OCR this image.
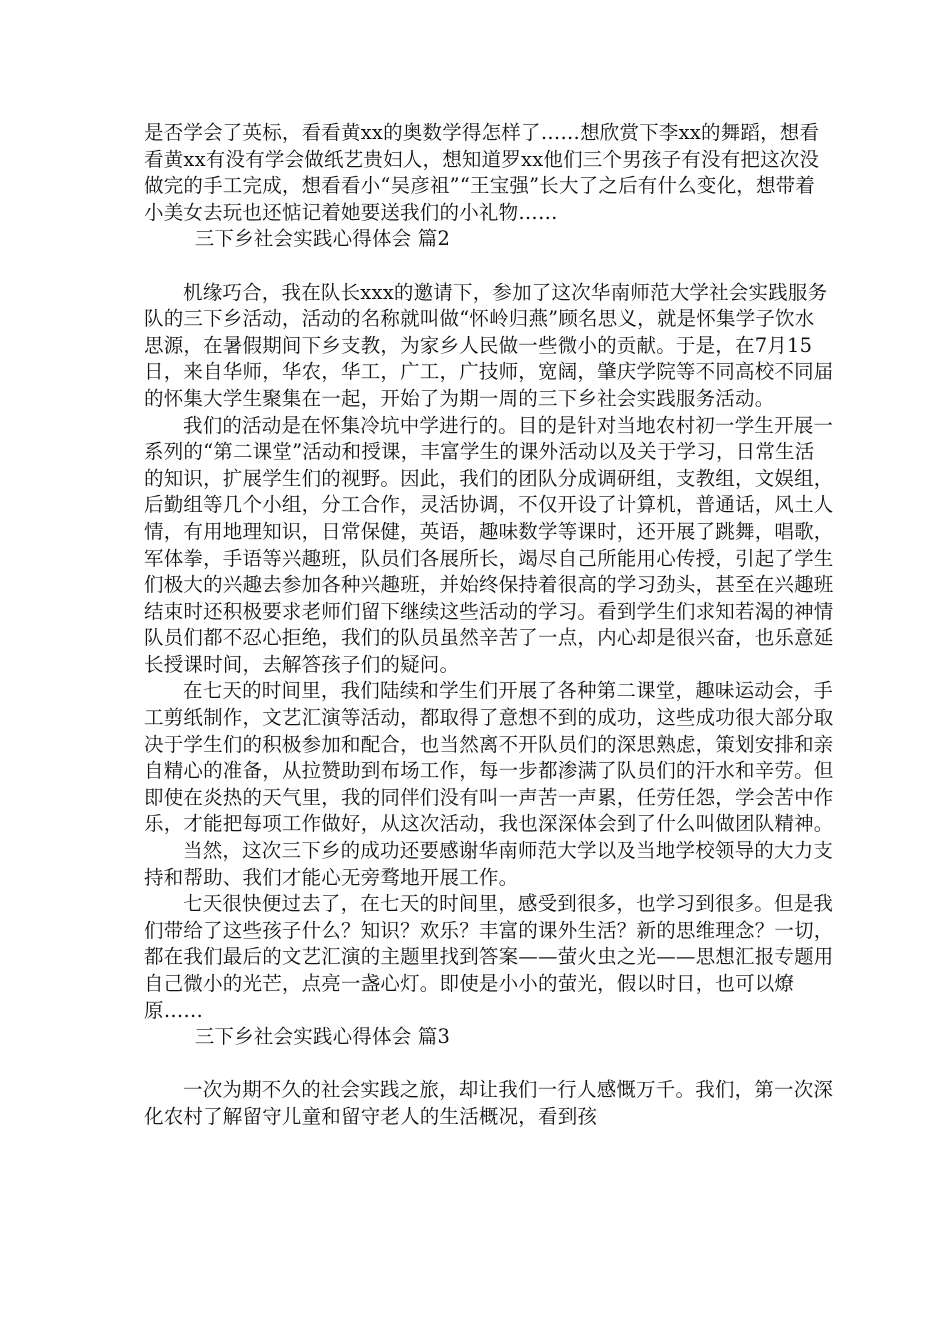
是否学会了英标，看看黄xx的奥数学得怎样了……想欣赏下李xx的舞蹈，想看看黄xx有没有学会做纸艺贵妇人，想知道罗xx他们三个男孩子有没有把这次没做完的手工完成，想看看小“吴彦祖”“王宝强”长大了之后有什么变化，想带着小美女去玩也还惦记着她要送我们的小礼物……

三下乡社会实践心得体会 篇2

机缘巧合，我在队长xxx的邀请下，参加了这次华南师范大学社会实践服务队的三下乡活动，活动的名称就叫做“怀岭归燕”顾名思义，就是怀集学子饮水思源，在暑假期间下乡支教，为家乡人民做一些微小的贡献。于是，在7月15日，来自华师，华农，华工，广工，广技师，宽阔，肇庆学院等不同高校不同届的怀集大学生聚集在一起，开始了为期一周的三下乡社会实践服务活动。

我们的活动是在怀集冷坑中学进行的。目的是针对当地农村初一学生开展一系列的“第二课堂”活动和授课，丰富学生的课外活动以及关于学习，日常生活的知识，扩展学生们的视野。因此，我们的团队分成调研组，支教组，文娱组，后勤组等几个小组，分工合作，灵活协调，不仅开设了计算机，普通话，风土人情，有用地理知识，日常保健，英语，趣味数学等课时，还开展了跳舞，唱歌，军体拳，手语等兴趣班，队员们各展所长，竭尽自己所能用心传授，引起了学生们极大的兴趣去参加各种兴趣班，并始终保持着很高的学习劲头，甚至在兴趣班结束时还积极要求老师们留下继续这些活动的学习。看到学生们求知若渴的神情队员们都不忍心拒绝，我们的队员虽然辛苦了一点，内心却是很兴奋，也乐意延长授课时间，去解答孩子们的疑问。

在七天的时间里，我们陆续和学生们开展了各种第二课堂，趣味运动会，手工剪纸制作，文艺汇演等活动，都取得了意想不到的成功，这些成功很大部分取决于学生们的积极参加和配合，也当然离不开队员们的深思熟虑，策划安排和亲自精心的准备，从拉赞助到布场工作，每一步都渗满了队员们的汗水和辛劳。但即使在炎热的天气里，我的同伴们没有叫一声苦一声累，任劳任怨，学会苦中作乐，才能把每项工作做好，从这次活动，我也深深体会到了什么叫做团队精神。

当然，这次三下乡的成功还要感谢华南师范大学以及当地学校领导的大力支持和帮助、我们才能心无旁骛地开展工作。

七天很快便过去了，在七天的时间里，感受到很多，也学习到很多。但是我们带给了这些孩子什么？知识？欢乐？丰富的课外生活？新的思维理念？一切，都在我们最后的文艺汇演的主题里找到答案——萤火虫之光——思想汇报专题用自己微小的光芒，点亮一盏心灯。即使是小小的萤光，假以时日，也可以燎原……

三下乡社会实践心得体会 篇3

一次为期不久的社会实践之旅，却让我们一行人感慨万千。我们，第一次深化农村了解留守儿童和留守老人的生活概况，看到孩
